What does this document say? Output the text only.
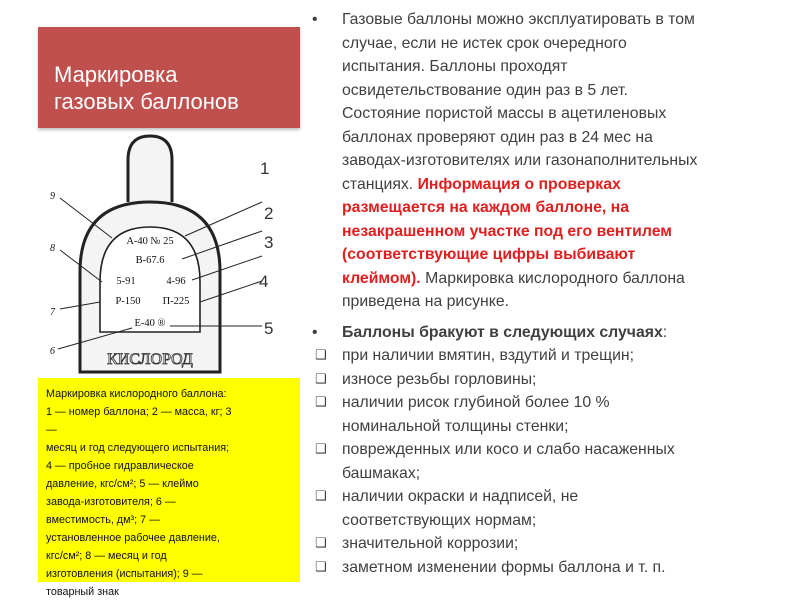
Маркировка
газовых баллонов
А-40 № 25
В-67.6
5-91	4-96
Р-150 П-225
Е-40 ®
КИСЛОРОД
9
8
7
6
1
2
3
4
5
Маркировка кислородного баллона:
1 — номер баллона; 2 — масса, кг; 3
—
месяц и год следующего испытания;
4 — пробное гидравлическое
давление, кгс/см²; 5 — клеймо
завода-изготовителя; 6 —
вместимость, дм³; 7 —
установленное рабочее давление,
кгс/см²; 8 — месяц и год
изготовления (испытания); 9 —
товарный знак
• Газовые баллоны можно эксплуатировать в том
случае, если не истек срок очередного
испытания. Баллоны проходят
освидетельствование один раз в 5 лет.
Состояние пористой массы в ацетиленовых
баллонах проверяют один раз в 24 мес на
заводах-изготовителях или газонаполнительных
станциях. Информация о проверках
размещается на каждом баллоне, на
незакрашенном участке под его вентилем
(соответствующие цифры выбивают
клеймом). Маркировка кислородного баллона
приведена на рисунке.
• Баллоны бракуют в следующих случаях:
❑ при наличии вмятин, вздутий и трещин;
❑ износе резьбы горловины;
❑ наличии рисок глубиной более 10 %
номинальной толщины стенки;
❑ поврежденных или косо и слабо насаженных
башмаках;
❑ наличии окраски и надписей, не
соответствующих нормам;
❑ значительной коррозии;
❑ заметном изменении формы баллона и т. п.
